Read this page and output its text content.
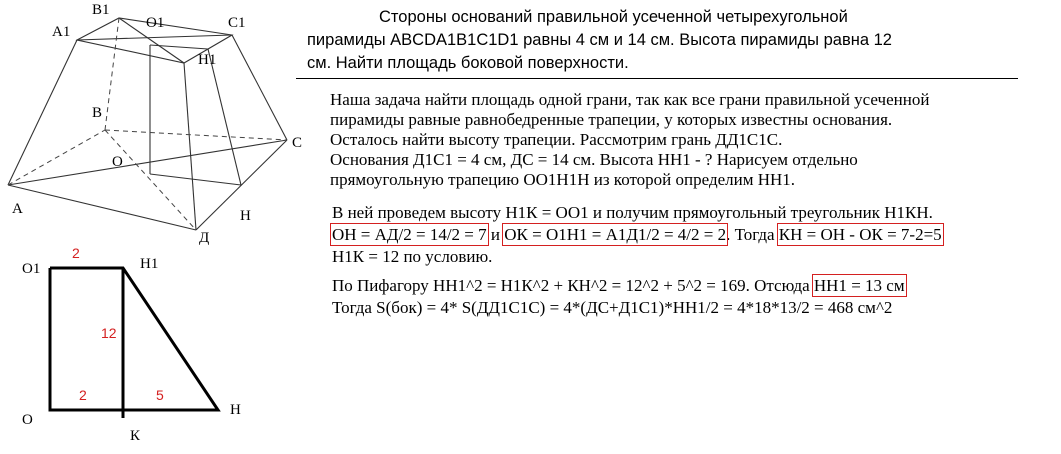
B1
O1	C1
A1
H1
B
C
O
A	H
Д
O1	H1
O
К
H
2
12
2	5
Стороны оснований правильной усеченной четырехугольной
пирамиды ABCDA1B1C1D1 равны 4 см и 14 см. Высота пирамиды равна 12
см. Найти площадь боковой поверхности.
Наша задача найти площадь одной грани, так как все грани правильной усеченной
пирамиды равные равнобедренные трапеции, у которых известны основания.
Осталось найти высоту трапеции. Рассмотрим грань ДД1С1С.
Основания Д1С1 = 4 см, ДС = 14 см. Высота НН1 - ? Нарисуем отдельно
прямоугольную трапецию ОО1Н1Н из которой определим НН1.
В ней проведем высоту Н1К = ОО1 и получим прямоугольный треугольник Н1КН.
ОН = АД/2 = 14/2 = 7 и ОК = О1Н1 = А1Д1/2 = 4/2 = 2. Тогда КН = ОН - ОК = 7-2=5
Н1К = 12 по условию.
По Пифагору НН1^2 = Н1К^2 + КН^2 = 12^2 + 5^2 = 169. Отсюда НН1 = 13 см
Тогда S(бок) = 4* S(ДД1С1С) = 4*(ДС+Д1С1)*НН1/2 = 4*18*13/2 = 468 см^2
